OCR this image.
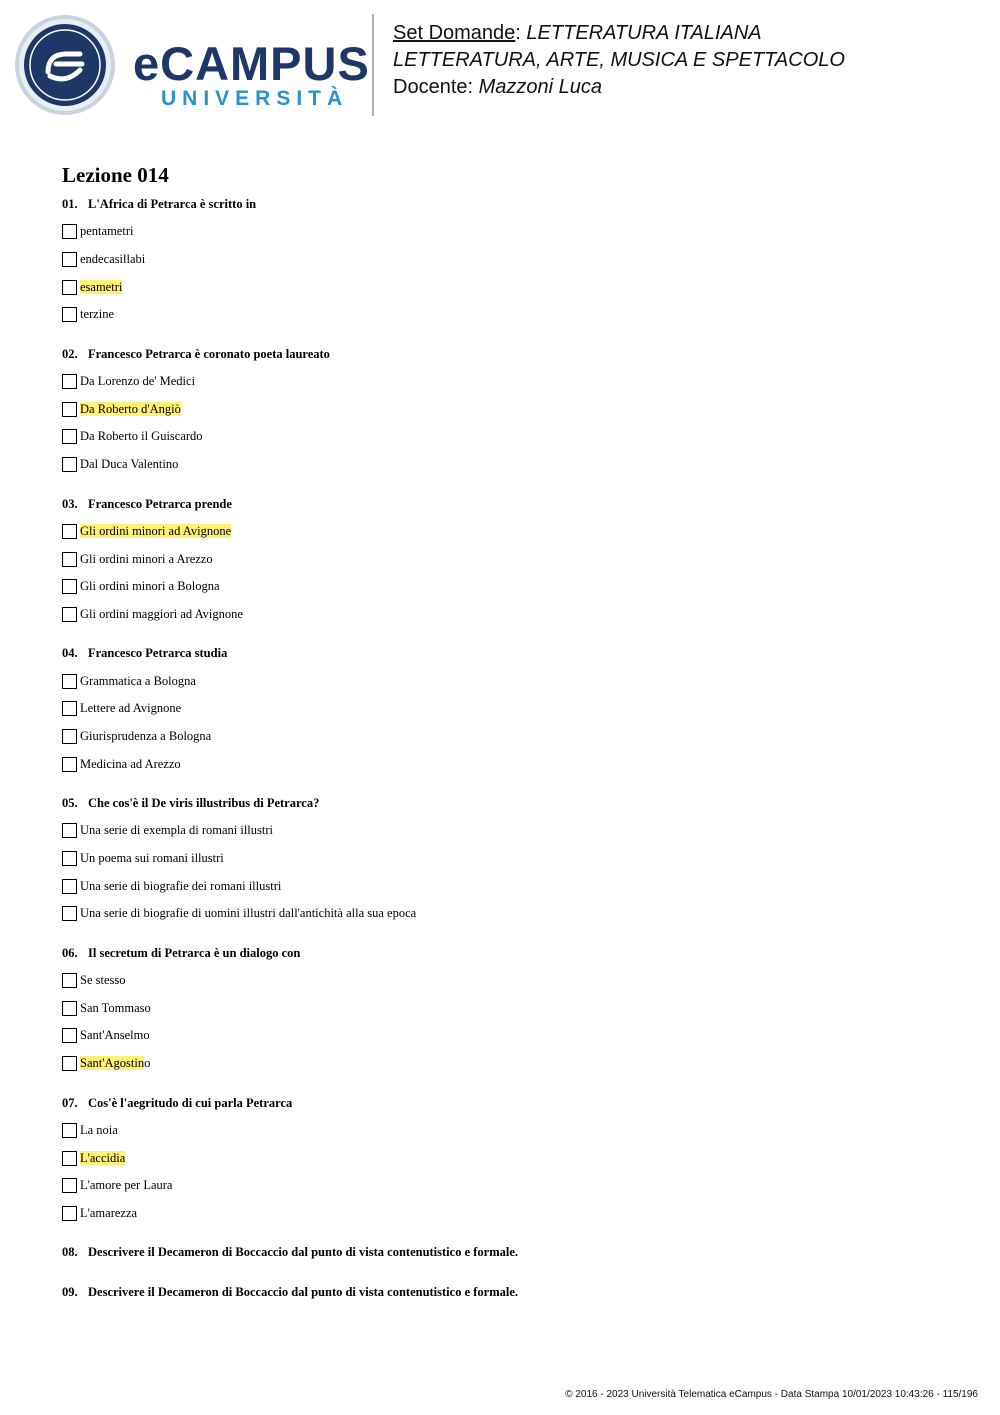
eCAMPUS
UNIVERSITÀ
Set Domande: LETTERATURA ITALIANA
LETTERATURA, ARTE, MUSICA E SPETTACOLO
Docente: Mazzoni Luca
Lezione 014
01. L'Africa di Petrarca è scritto in
pentametri
endecasillabi
esametri
terzine
02. Francesco Petrarca è coronato poeta laureato
Da Lorenzo de' Medici
Da Roberto d'Angiò
Da Roberto il Guiscardo
Dal Duca Valentino
03. Francesco Petrarca prende
Gli ordini minori ad Avignone
Gli ordini minori a Arezzo
Gli ordini minori a Bologna
Gli ordini maggiori ad Avignone
04. Francesco Petrarca studia
Grammatica a Bologna
Lettere ad Avignone
Giurisprudenza a Bologna
Medicina ad Arezzo
05. Che cos'è il De viris illustribus di Petrarca?
Una serie di exempla di romani illustri
Un poema sui romani illustri
Una serie di biografie dei romani illustri
Una serie di biografie di uomini illustri dall'antichità alla sua epoca
06. Il secretum di Petrarca è un dialogo con
Se stesso
San Tommaso
Sant'Anselmo
Sant'Agostino
07. Cos'è l'aegritudo di cui parla Petrarca
La noia
L'accidia
L'amore per Laura
L'amarezza
08. Descrivere il Decameron di Boccaccio dal punto di vista contenutistico e formale.
09. Descrivere il Decameron di Boccaccio dal punto di vista contenutistico e formale.
© 2016 - 2023 Università Telematica eCampus - Data Stampa 10/01/2023 10:43:26 - 115/196
